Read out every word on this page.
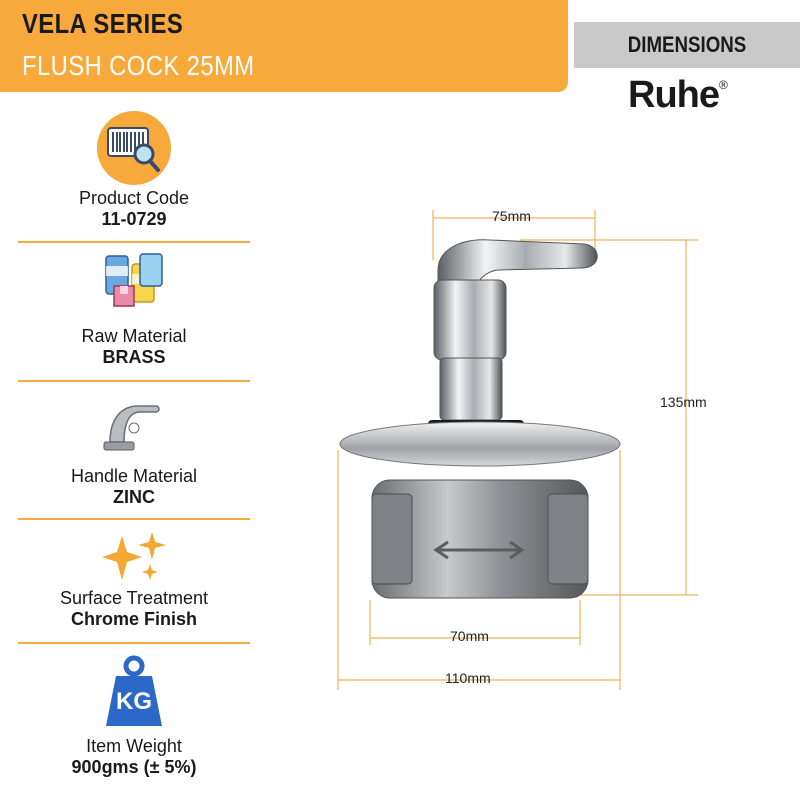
VELA SERIES
FLUSH COCK 25MM
DIMENSIONS
Ruhe®
Product Code
11-0729
Raw Material
BRASS
Handle Material
ZINC
Surface Treatment
Chrome Finish
KG
Item Weight
900gms (± 5%)
75mm
135mm
70mm
110mm
